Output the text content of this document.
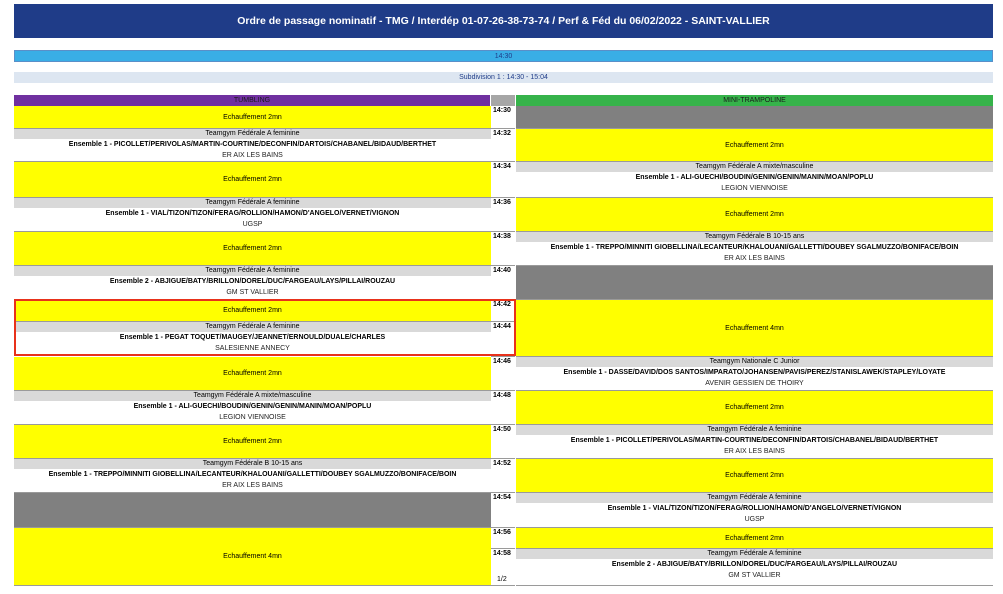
Ordre de passage nominatif - TMG / Interdép 01-07-26-38-73-74 / Perf & Féd du 06/02/2022 - SAINT-VALLIER
14:30
Subdivision 1 : 14:30 - 15:04
TUMBLING	MINI-TRAMPOLINE
Echauffement 2mn
Teamgym Fédérale A feminine
Ensemble 1 - PICOLLET/PERIVOLAS/MARTIN-COURTINE/DECONFIN/DARTOIS/CHABANEL/BIDAUD/BERTHET
ER AIX LES BAINS
Echauffement 2mn
Teamgym Fédérale A feminine
Ensemble 1 - VIAL/TIZON/TIZON/FERAG/ROLLION/HAMON/D'ANGELO/VERNET/VIGNON
UGSP
Echauffement 2mn
Teamgym Fédérale A feminine
Ensemble 2 - ABJIGUE/BATY/BRILLON/DOREL/DUC/FARGEAU/LAYS/PILLAI/ROUZAU
GM ST VALLIER
Echauffement 2mn
Teamgym Fédérale A feminine
Ensemble 1 - PEGAT TOQUET/MAUGEY/JEANNET/ERNOULD/DUALE/CHARLES
SALESIENNE ANNECY
Echauffement 2mn
Teamgym Fédérale A mixte/masculine
Ensemble 1 - ALI-GUECHI/BOUDIN/GENIN/GENIN/MANIN/MOAN/POPLU
LEGION VIENNOISE
Echauffement 2mn
Teamgym Fédérale B 10-15 ans
Ensemble 1 - TREPPO/MINNITI GIOBELLINA/LECANTEUR/KHALOUANI/GALLETTI/DOUBEY SGALMUZZO/BONIFACE/BOIN
ER AIX LES BAINS
Echauffement 4mn
14:30
14:32
14:34
14:36
14:38
14:40
14:42
14:44
14:46
14:48
14:50
14:52
14:54
14:56
14:58
1/2
Echauffement 2mn
Teamgym Fédérale A mixte/masculine
Ensemble 1 - ALI-GUECHI/BOUDIN/GENIN/GENIN/MANIN/MOAN/POPLU
LEGION VIENNOISE
Echauffement 2mn
Teamgym Fédérale B 10-15 ans
Ensemble 1 - TREPPO/MINNITI GIOBELLINA/LECANTEUR/KHALOUANI/GALLETTI/DOUBEY SGALMUZZO/BONIFACE/BOIN
ER AIX LES BAINS
Echauffement 4mn
Teamgym Nationale C Junior
Ensemble 1 - DASSE/DAVID/DOS SANTOS/IMPARATO/JOHANSEN/PAVIS/PEREZ/STANISLAWEK/STAPLEY/LOYATE
AVENIR GESSIEN DE THOIRY
Echauffement 2mn
Teamgym Fédérale A feminine
Ensemble 1 - PICOLLET/PERIVOLAS/MARTIN-COURTINE/DECONFIN/DARTOIS/CHABANEL/BIDAUD/BERTHET
ER AIX LES BAINS
Echauffement 2mn
Teamgym Fédérale A feminine
Ensemble 1 - VIAL/TIZON/TIZON/FERAG/ROLLION/HAMON/D'ANGELO/VERNET/VIGNON
UGSP
Echauffement 2mn
Teamgym Fédérale A feminine
Ensemble 2 - ABJIGUE/BATY/BRILLON/DOREL/DUC/FARGEAU/LAYS/PILLAI/ROUZAU
GM ST VALLIER
